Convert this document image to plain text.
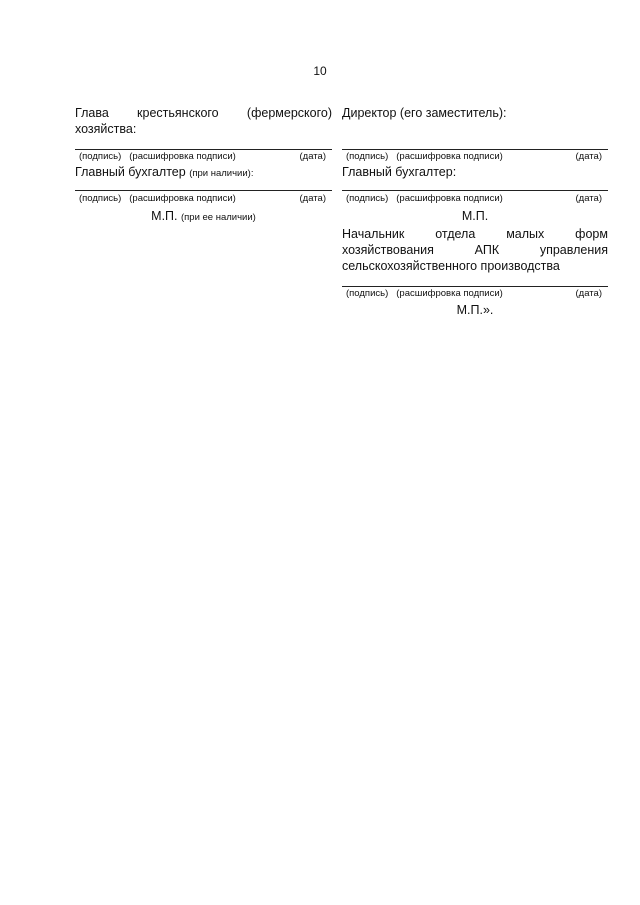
10
Глава крестьянского (фермерского)
хозяйства:
(подпись) (расшифровка подписи)	(дата)
Главный бухгалтер (при наличии):
(подпись) (расшифровка подписи)	(дата)
М.П. (при ее наличии)
Директор (его заместитель):
(подпись) (расшифровка подписи)	(дата)
Главный бухгалтер:
(подпись) (расшифровка подписи)	(дата)
М.П.
Начальник отдела малых форм
хозяйствования	АПК	управления
сельскохозяйственного производства
(подпись) (расшифровка подписи)	(дата)
М.П.».
